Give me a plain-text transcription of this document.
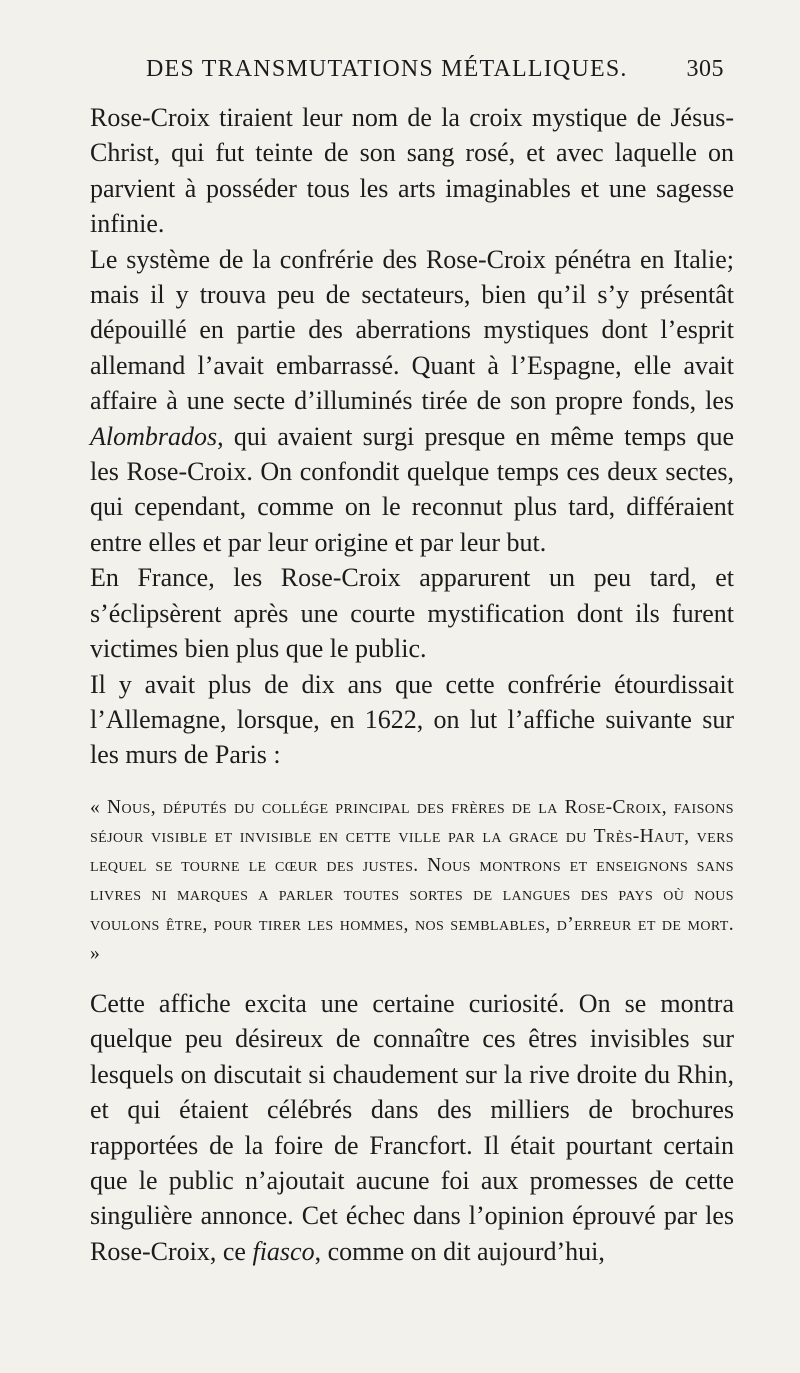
DES TRANSMUTATIONS MÉTALLIQUES. 305

Rose-Croix tiraient leur nom de la croix mystique de Jésus-Christ, qui fut teinte de son sang rosé, et avec laquelle on parvient à posséder tous les arts imaginables et une sagesse infinie.

Le système de la confrérie des Rose-Croix pénétra en Italie; mais il y trouva peu de sectateurs, bien qu’il s’y présentât dépouillé en partie des aberrations mystiques dont l’esprit allemand l’avait embarrassé. Quant à l’Espagne, elle avait affaire à une secte d’illuminés tirée de son propre fonds, les Alombrados, qui avaient surgi presque en même temps que les Rose-Croix. On confondit quelque temps ces deux sectes, qui cependant, comme on le reconnut plus tard, différaient entre elles et par leur origine et par leur but.

En France, les Rose-Croix apparurent un peu tard, et s’éclipsèrent après une courte mystification dont ils furent victimes bien plus que le public.

Il y avait plus de dix ans que cette confrérie étourdissait l’Allemagne, lorsque, en 1622, on lut l’affiche suivante sur les murs de Paris :

« Nous, députés du collége principal des frères de la Rose-Croix, faisons séjour visible et invisible en cette ville par la grace du Très-Haut, vers lequel se tourne le cœur des justes. Nous montrons et enseignons sans livres ni marques a parler toutes sortes de langues des pays où nous voulons être, pour tirer les hommes, nos semblables, d’erreur et de mort. »

Cette affiche excita une certaine curiosité. On se montra quelque peu désireux de connaître ces êtres invisibles sur lesquels on discutait si chaudement sur la rive droite du Rhin, et qui étaient célébrés dans des milliers de brochures rapportées de la foire de Francfort. Il était pourtant certain que le public n’ajoutait aucune foi aux promesses de cette singulière annonce. Cet échec dans l’opinion éprouvé par les Rose-Croix, ce fiasco, comme on dit aujourd’hui,
